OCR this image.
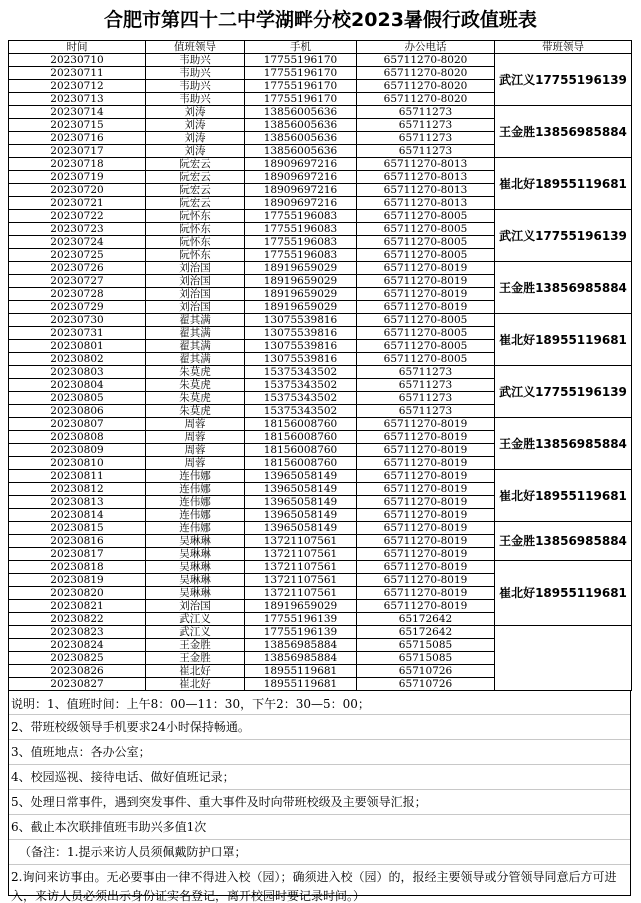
合肥市第四十二中学湖畔分校2023暑假行政值班表
时间	值班领导	手机	办公电话	带班领导
20230710	韦助兴	17755196170	65711270-8020	武江义17755196139
20230711	韦助兴	17755196170	65711270-8020	
20230712	韦助兴	17755196170	65711270-8020	
20230713	韦助兴	17755196170	65711270-8020	
20230714	刘涛	13856005636	65711273	王金胜13856985884
20230715	刘涛	13856005636	65711273	
20230716	刘涛	13856005636	65711273	
20230717	刘涛	13856005636	65711273	
20230718	阮宏云	18909697216	65711270-8013	崔北好18955119681
20230719	阮宏云	18909697216	65711270-8013	
20230720	阮宏云	18909697216	65711270-8013	
20230721	阮宏云	18909697216	65711270-8013	
20230722	阮怀东	17755196083	65711270-8005	武江义17755196139
20230723	阮怀东	17755196083	65711270-8005	
20230724	阮怀东	17755196083	65711270-8005	
20230725	阮怀东	17755196083	65711270-8005	
20230726	刘治国	18919659029	65711270-8019	王金胜13856985884
20230727	刘治国	18919659029	65711270-8019	
20230728	刘治国	18919659029	65711270-8019	
20230729	刘治国	18919659029	65711270-8019	
20230730	翟其满	13075539816	65711270-8005	崔北好18955119681
20230731	翟其满	13075539816	65711270-8005	
20230801	翟其满	13075539816	65711270-8005	
20230802	翟其满	13075539816	65711270-8005	
20230803	朱莫虎	15375343502	65711273	武江义17755196139
20230804	朱莫虎	15375343502	65711273	
20230805	朱莫虎	15375343502	65711273	
20230806	朱莫虎	15375343502	65711273	
20230807	周蓉	18156008760	65711270-8019	王金胜13856985884
20230808	周蓉	18156008760	65711270-8019	
20230809	周蓉	18156008760	65711270-8019	
20230810	周蓉	18156008760	65711270-8019	
20230811	连伟娜	13965058149	65711270-8019	崔北好18955119681
20230812	连伟娜	13965058149	65711270-8019	
20230813	连伟娜	13965058149	65711270-8019	
20230814	连伟娜	13965058149	65711270-8019	
20230815	连伟娜	13965058149	65711270-8019	王金胜13856985884
20230816	吴琳琳	13721107561	65711270-8019	
20230817	吴琳琳	13721107561	65711270-8019	
20230818	吴琳琳	13721107561	65711270-8019	崔北好18955119681
20230819	吴琳琳	13721107561	65711270-8019	
20230820	吴琳琳	13721107561	65711270-8019	
20230821	刘治国	18919659029	65711270-8019	
20230822	武江义	17755196139	65172642	
20230823	武江义	17755196139	65172642	
20230824	王金胜	13856985884	65715085	
20230825	王金胜	13856985884	65715085	
20230826	崔北好	18955119681	65710726	
20230827	崔北好	18955119681	65710726	
说明：1、值班时间：上午8：00—11：30，下午2：30—5：00；
2、带班校级领导手机要求24小时保持畅通。
3、值班地点：各办公室；
4、校园巡视、接待电话、做好值班记录；
5、处理日常事件，遇到突发事件、重大事件及时向带班校级及主要领导汇报；
6、截止本次联排值班韦助兴多值1次
（备注：1.提示来访人员须佩戴防护口罩；
2.询问来访事由。无必要事由一律不得进入校（园）；确须进入校（园）的，报经主要领导或分管领导同意后方可进入，来访人员必须出示身份证实名登记，离开校园时要记录时间。）
